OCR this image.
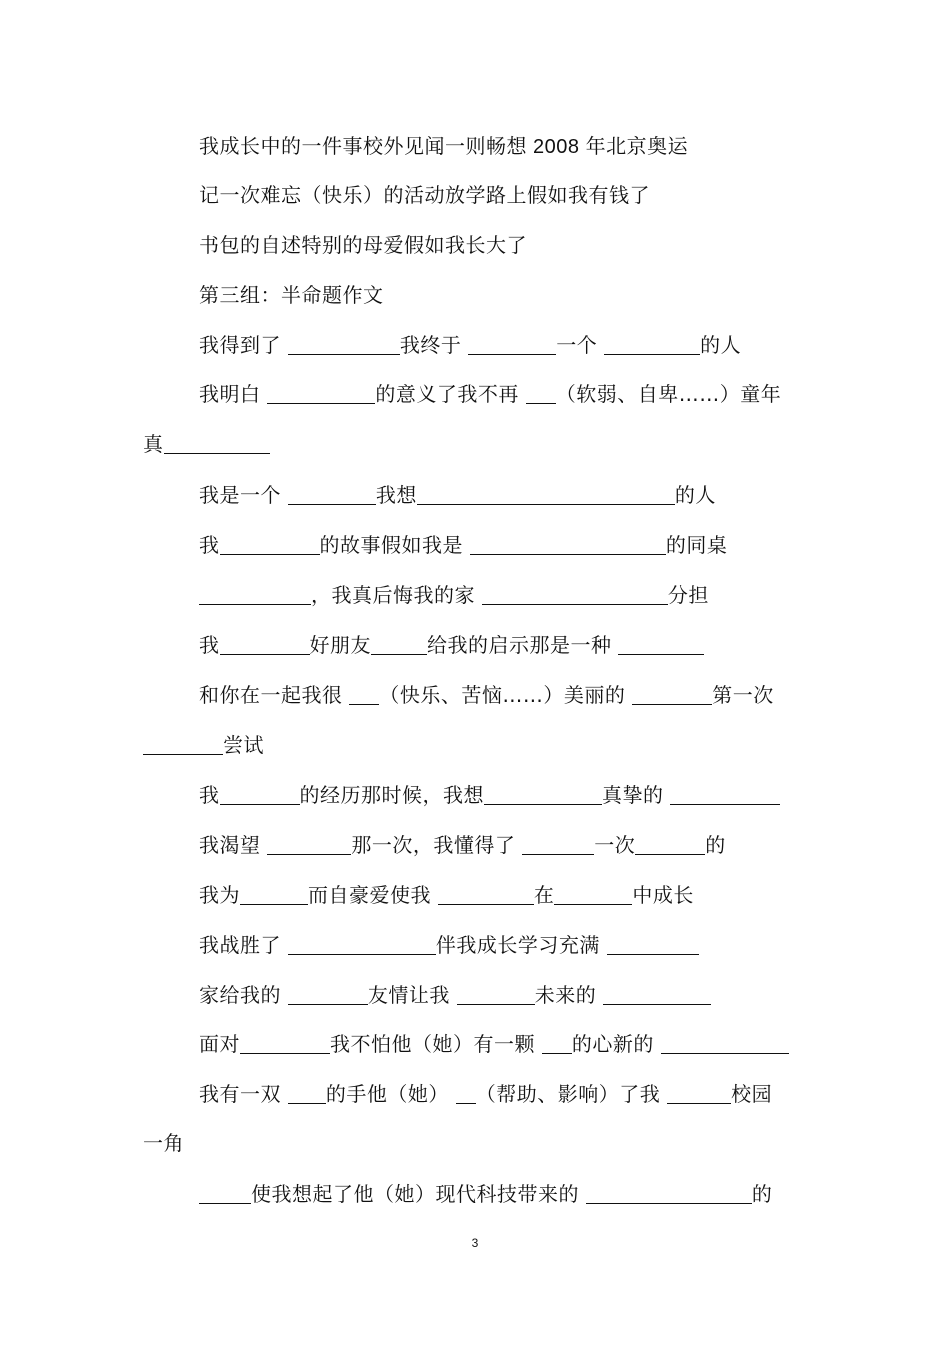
我成长中的一件事校外见闻一则畅想 2008 年北京奥运
记一次难忘（快乐）的活动放学路上假如我有钱了
书包的自述特别的母爱假如我长大了
第三组：半命题作文
我得到了	我终于	一个	的人
我明白	的意义了我不再 （软弱、自卑……）童年
真
我是一个	我想	的人
我	的故事假如我是	的同桌
，我真后悔我的家	分担
我	好朋友	给我的启示那是一种
和你在一起我很 （快乐、苦恼……）美丽的	第一次
尝试
我	的经历那时候，我想	真挚的
我渴望	那一次，我懂得了	一次	的
我为	而自豪爱使我	在	中成长
我战胜了	伴我成长学习充满
家给我的	友情让我	未来的
面对	我不怕他（她）有一颗 的心新的
我有一双 的手他（她） （帮助、影响）了我	校园
一角
使我想起了他（她）现代科技带来的	的
3
